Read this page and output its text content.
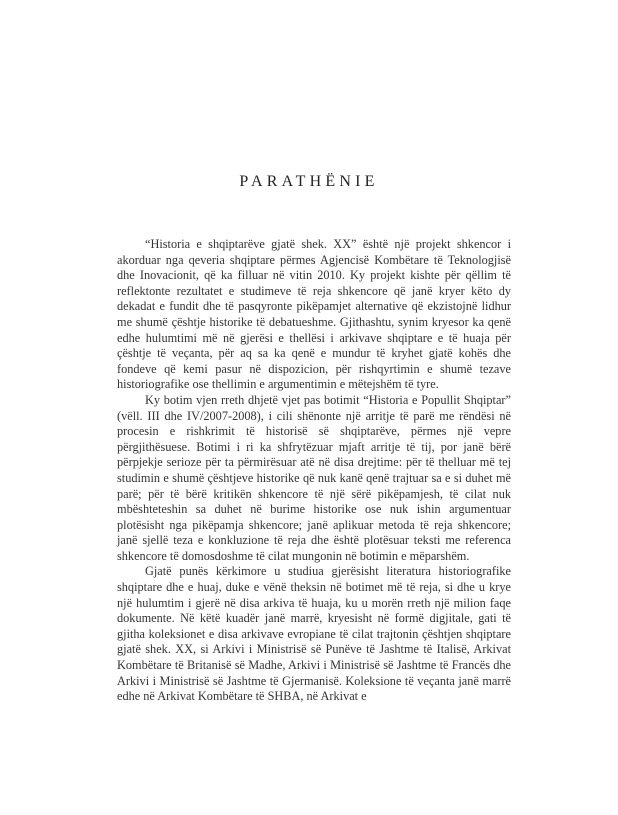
PARATHËNIE

“Historia e shqiptarëve gjatë shek. XX” është një projekt shkencor i akorduar nga qeveria shqiptare përmes Agjencisë Kombëtare të Teknologjisë dhe Inovacionit, që ka filluar në vitin 2010. Ky projekt kishte për qëllim të reflektonte rezultatet e studimeve të reja shkencore që janë kryer këto dy dekadat e fundit dhe të pasqyronte pikëpamjet alternative që ekzistojnë lidhur me shumë çështje historike të debatueshme. Gjithashtu, synim kryesor ka qenë edhe hulumtimi më në gjerësi e thellësi i arkivave shqiptare e të huaja për çështje të veçanta, për aq sa ka qenë e mundur të kryhet gjatë kohës dhe fondeve që kemi pasur në dispozicion, për rishqyrtimin e shumë tezave historiografike ose thellimin e argumentimin e mëtejshëm të tyre.

Ky botim vjen rreth dhjetë vjet pas botimit “Historia e Popullit Shqiptar” (vëll. III dhe IV/2007-2008), i cili shënonte një arritje të parë me rëndësi në procesin e rishkrimit të historisë së shqiptarëve, përmes një vepre përgjithësuese. Botimi i ri ka shfrytëzuar mjaft arritje të tij, por janë bërë përpjekje serioze për ta përmirësuar atë në disa drejtime: për të thelluar më tej studimin e shumë çështjeve historike që nuk kanë qenë trajtuar sa e si duhet më parë; për të bërë kritikën shkencore të një sërë pikëpamjesh, të cilat nuk mbështeteshin sa duhet në burime historike ose nuk ishin argumentuar plotësisht nga pikëpamja shkencore; janë aplikuar metoda të reja shkencore; janë sjellë teza e konkluzione të reja dhe është plotësuar teksti me referenca shkencore të domosdoshme të cilat mungonin në botimin e mëparshëm.

Gjatë punës kërkimore u studiua gjerësisht literatura historiografike shqiptare dhe e huaj, duke e vënë theksin në botimet më të reja, si dhe u krye një hulumtim i gjerë në disa arkiva të huaja, ku u morën rreth një milion faqe dokumente. Në këtë kuadër janë marrë, kryesisht në formë digjitale, gati të gjitha koleksionet e disa arkivave evropiane të cilat trajtonin çështjen shqiptare gjatë shek. XX, si Arkivi i Ministrisë së Punëve të Jashtme të Italisë, Arkivat Kombëtare të Britanisë së Madhe, Arkivi i Ministrisë së Jashtme të Francës dhe Arkivi i Ministrisë së Jashtme të Gjermanisë. Koleksione të veçanta janë marrë edhe në Arkivat Kombëtare të SHBA, në Arkivat e
